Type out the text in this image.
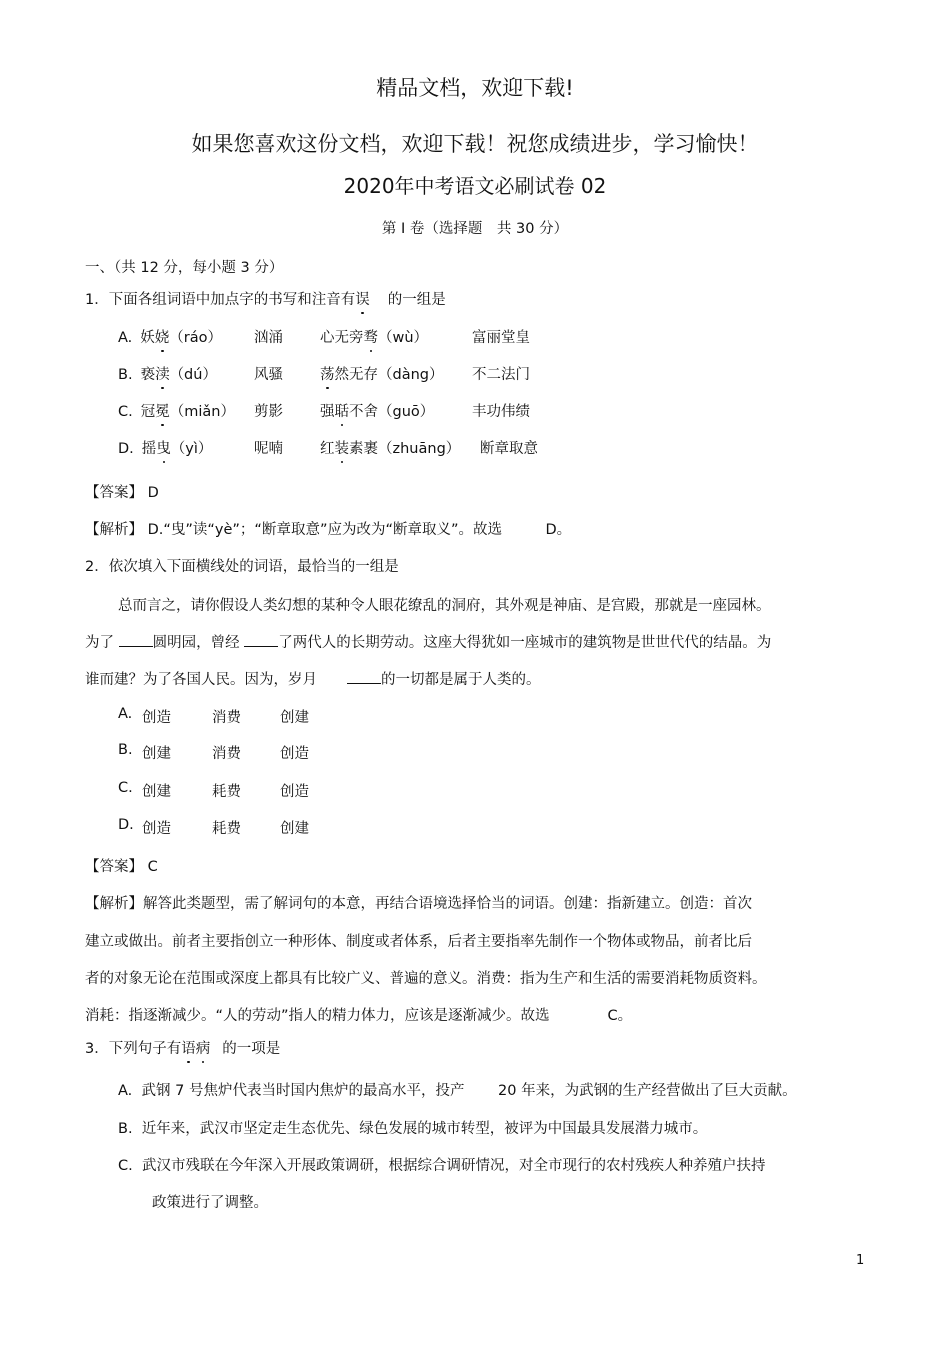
精品文档，欢迎下载!
如果您喜欢这份文档，欢迎下载！祝您成绩进步，学习愉快！
2020年中考语文必刷试卷 02
第 I 卷（选择题　共 30 分）
一、（共 12 分，每小题 3 分）
1．下面各组词语中加点字的书写和注音有误 的一组是
A. 妖娆（ráo） 汹涌	心无旁骛（wù）	富丽堂皇
B. 亵渎（dú）	风骚	荡然无存（dàng） 不二法门
C. 冠冕（miǎn） 剪影	强聒不舍（guō）	丰功伟绩
D. 摇曳（yì）	呢喃	红装素裹（zhuāng） 断章取意
【答案】 D
【解析】 D.“曳”读“yè”；“断章取意”应为改为“断章取义”。故选　　　D。
2．依次填入下面横线处的词语，最恰当的一组是
总而言之，请你假设人类幻想的某种令人眼花缭乱的洞府，其外观是神庙、是宫殿，那就是一座园林。
为了	圆明园，曾经	了两代人的长期劳动。这座大得犹如一座城市的建筑物是世世代代的结晶。为
谁而建？为了各国人民。因为，岁月	的一切都是属于人类的。
A. 创造	消费	创建
B. 创建	消费	创造
C. 创建	耗费	创造
D. 创造	耗费	创建
【答案】 C
【解析】解答此类题型，需了解词句的本意，再结合语境选择恰当的词语。创建：指新建立。创造：首次
建立或做出。前者主要指创立一种形体、制度或者体系，后者主要指率先制作一个物体或物品，前者比后
者的对象无论在范围或深度上都具有比较广义、普遍的意义。消费：指为生产和生活的需要消耗物质资料。
消耗：指逐渐减少。“人的劳动”指人的精力体力，应该是逐渐减少。故选　　　　C。
3．下列句子有语病 的一项是
A. 武钢 7 号焦炉代表当时国内焦炉的最高水平，投产　　 20 年来，为武钢的生产经营做出了巨大贡献。
B. 近年来，武汉市坚定走生态优先、绿色发展的城市转型，被评为中国最具发展潜力城市。
C. 武汉市残联在今年深入开展政策调研，根据综合调研情况，对全市现行的农村残疾人种养殖户扶持
政策进行了调整。
1
